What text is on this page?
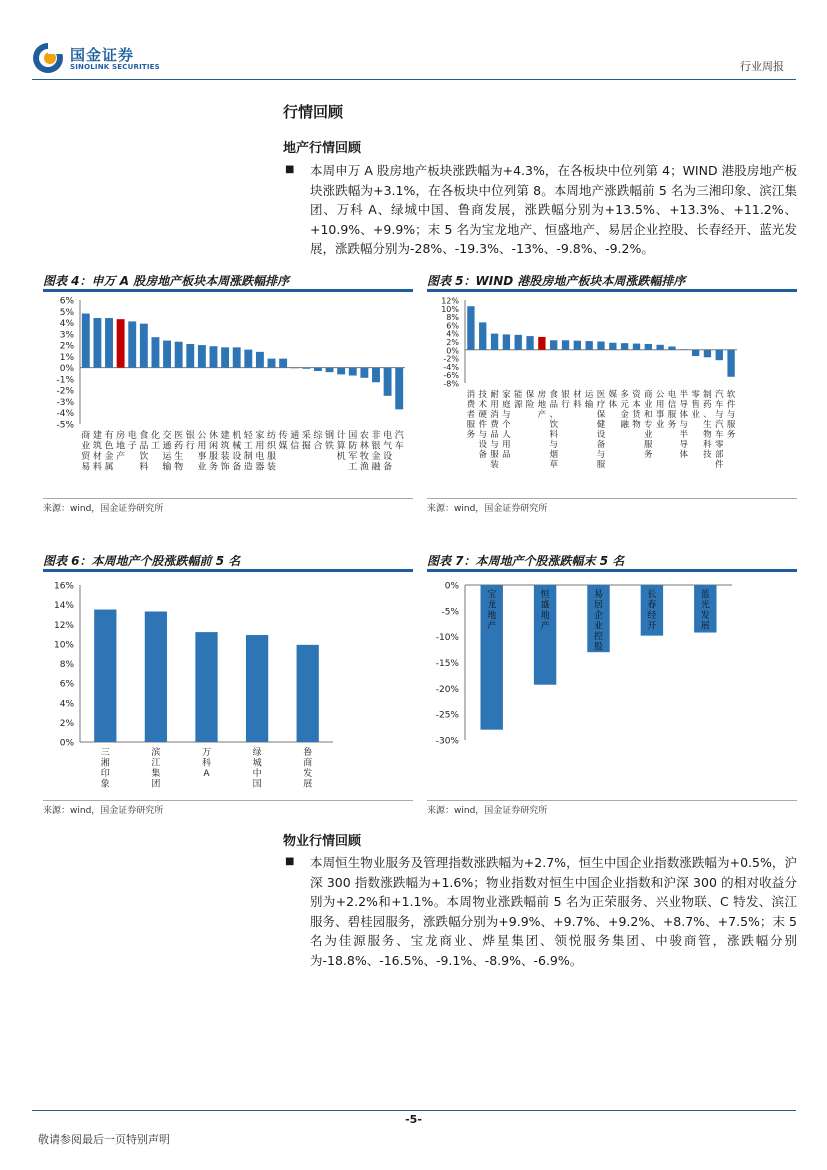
国金证券
SINOLINK SECURITIES	行业周报
行情回顾
地产行情回顾
■ 本周申万 A 股房地产板块涨跌幅为+4.3%，在各板块中位列第 4；WIND 港股房地产板块涨跌幅为+3.1%，在各板块中位列第 8。本周地产涨跌幅前 5 名为三湘印象、滨江集团、万科 A、绿城中国、鲁商发展，涨跌幅分别为+13.5%、+13.3%、+11.2%、+10.9%、+9.9%；末 5 名为宝龙地产、恒盛地产、易居企业控股、长春经开、蓝光发展，涨跌幅分别为-28%、-19.3%、-13%、-9.8%、-9.2%。
图表 4：申万 A 股房地产板块本周涨跌幅排序
6%
5%
4%
3%
2%
1%
0%
-1%
-2%
-3%
-4%
-5%
商业贸易
建筑材料
有色金属
房地产
电子
食品饮料
化工
交通运输
医药生物
银行
公用事业
休闲服务
建筑装饰
机械设备
轻工制造
家用电器
纺织服装
传媒
通信
采掘
综合
钢铁
计算机
国防军工
农林牧渔
非银金融
电气设备
汽车
来源：wind，国金证券研究所
图表 5：WIND 港股房地产板块本周涨跌幅排序
12%
10%
8%
6%
4%
2%
0%
-2%
-4%
-6%
-8%
消费者服务
技术硬件与设备
耐用消费品与服装
家庭与个人用品
能源
保险
房地产
食品、饮料与烟草
银行
材料
运输
医疗保健设备与服
媒体
多元金融
资本货物
商业和专业服务
公用事业
电信服务
半导体与半导体
零售业
制药、生物科技
汽车与汽车零部件
软件与服务
来源：wind，国金证券研究所
图表 6：本周地产个股涨跌幅前 5 名
16%
14%
12%
10%
8%
6%
4%
2%
0%
三湘印象
滨江集团
万科 A
绿城中国
鲁商发展
来源：wind，国金证券研究所
图表 7：本周地产个股涨跌幅末 5 名
0%
-5%
-10%
-15%
-20%
-25%
-30%
宝龙地产
恒盛地产
易居企业控股
长春经开
蓝光发展
来源：wind，国金证券研究所
物业行情回顾
■ 本周恒生物业服务及管理指数涨跌幅为+2.7%，恒生中国企业指数涨跌幅为+0.5%，沪深 300 指数涨跌幅为+1.6%；物业指数对恒生中国企业指数和沪深 300 的相对收益分别为+2.2%和+1.1%。本周物业涨跌幅前 5 名为正荣服务、兴业物联、C 特发、滨江服务、碧桂园服务，涨跌幅分别为+9.9%、+9.7%、+9.2%、+8.7%、+7.5%；末 5 名为佳源服务、宝龙商业、烨星集团、领悦服务集团、中骏商管，涨跌幅分别为-18.8%、-16.5%、-9.1%、-8.9%、-6.9%。
-5-
敬请参阅最后一页特别声明
